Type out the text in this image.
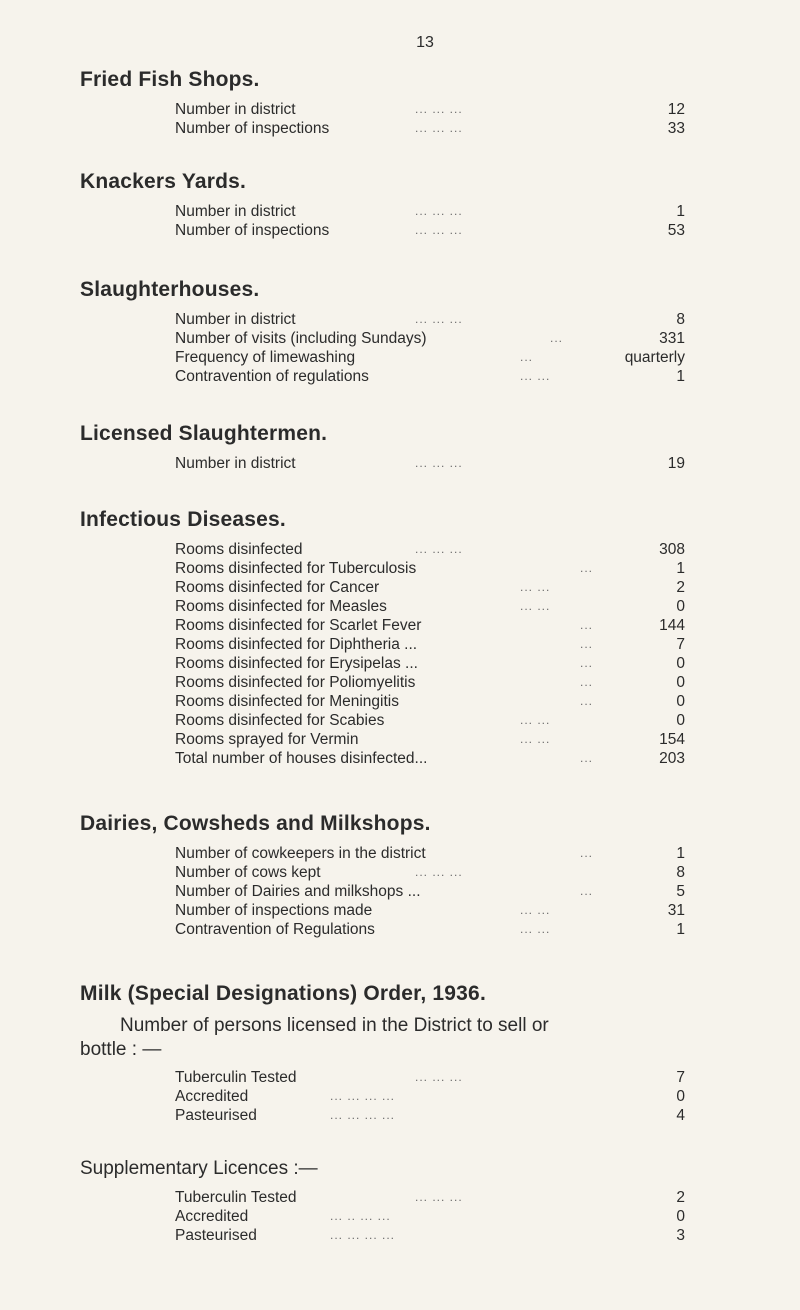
13
Fried Fish Shops.
Number in district	... ... ...	12
Number of inspections	... ... ...	33
Knackers Yards.
Number in district	... ... ...	1
Number of inspections	... ... ...	53
Slaughterhouses.
Number in district	... ... ...	8
Number of visits (including Sundays)	...	331
Frequency of limewashing	...	quarterly
Contravention of regulations	... ...	1
Licensed Slaughtermen.
Number in district	... ... ...	19
Infectious Diseases.
Rooms disinfected	... ... ...	308
Rooms disinfected for Tuberculosis	...	1
Rooms disinfected for Cancer	... ...	2
Rooms disinfected for Measles	... ...	0
Rooms disinfected for Scarlet Fever	...	144
Rooms disinfected for Diphtheria ...	...	7
Rooms disinfected for Erysipelas ...	...	0
Rooms disinfected for Poliomyelitis	...	0
Rooms disinfected for Meningitis	...	0
Rooms disinfected for Scabies	... ...	0
Rooms sprayed for Vermin	... ...	154
Total number of houses disinfected...	...	203
Dairies, Cowsheds and Milkshops.
Number of cowkeepers in the district	...	1
Number of cows kept	... ... ...	8
Number of Dairies and milkshops ...	...	5
Number of inspections made	... ...	31
Contravention of Regulations	... ...	1
Milk (Special Designations) Order, 1936.
Number of persons licensed in the District to sell or
bottle : —
Tuberculin Tested	... ... ...	7
Accredited	... ... ... ...	0
Pasteurised	... ... ... ...	4
Supplementary Licences :—
Tuberculin Tested	... ... ...	2
Accredited	... .. ... ...	0
Pasteurised	... ... ... ...	3
